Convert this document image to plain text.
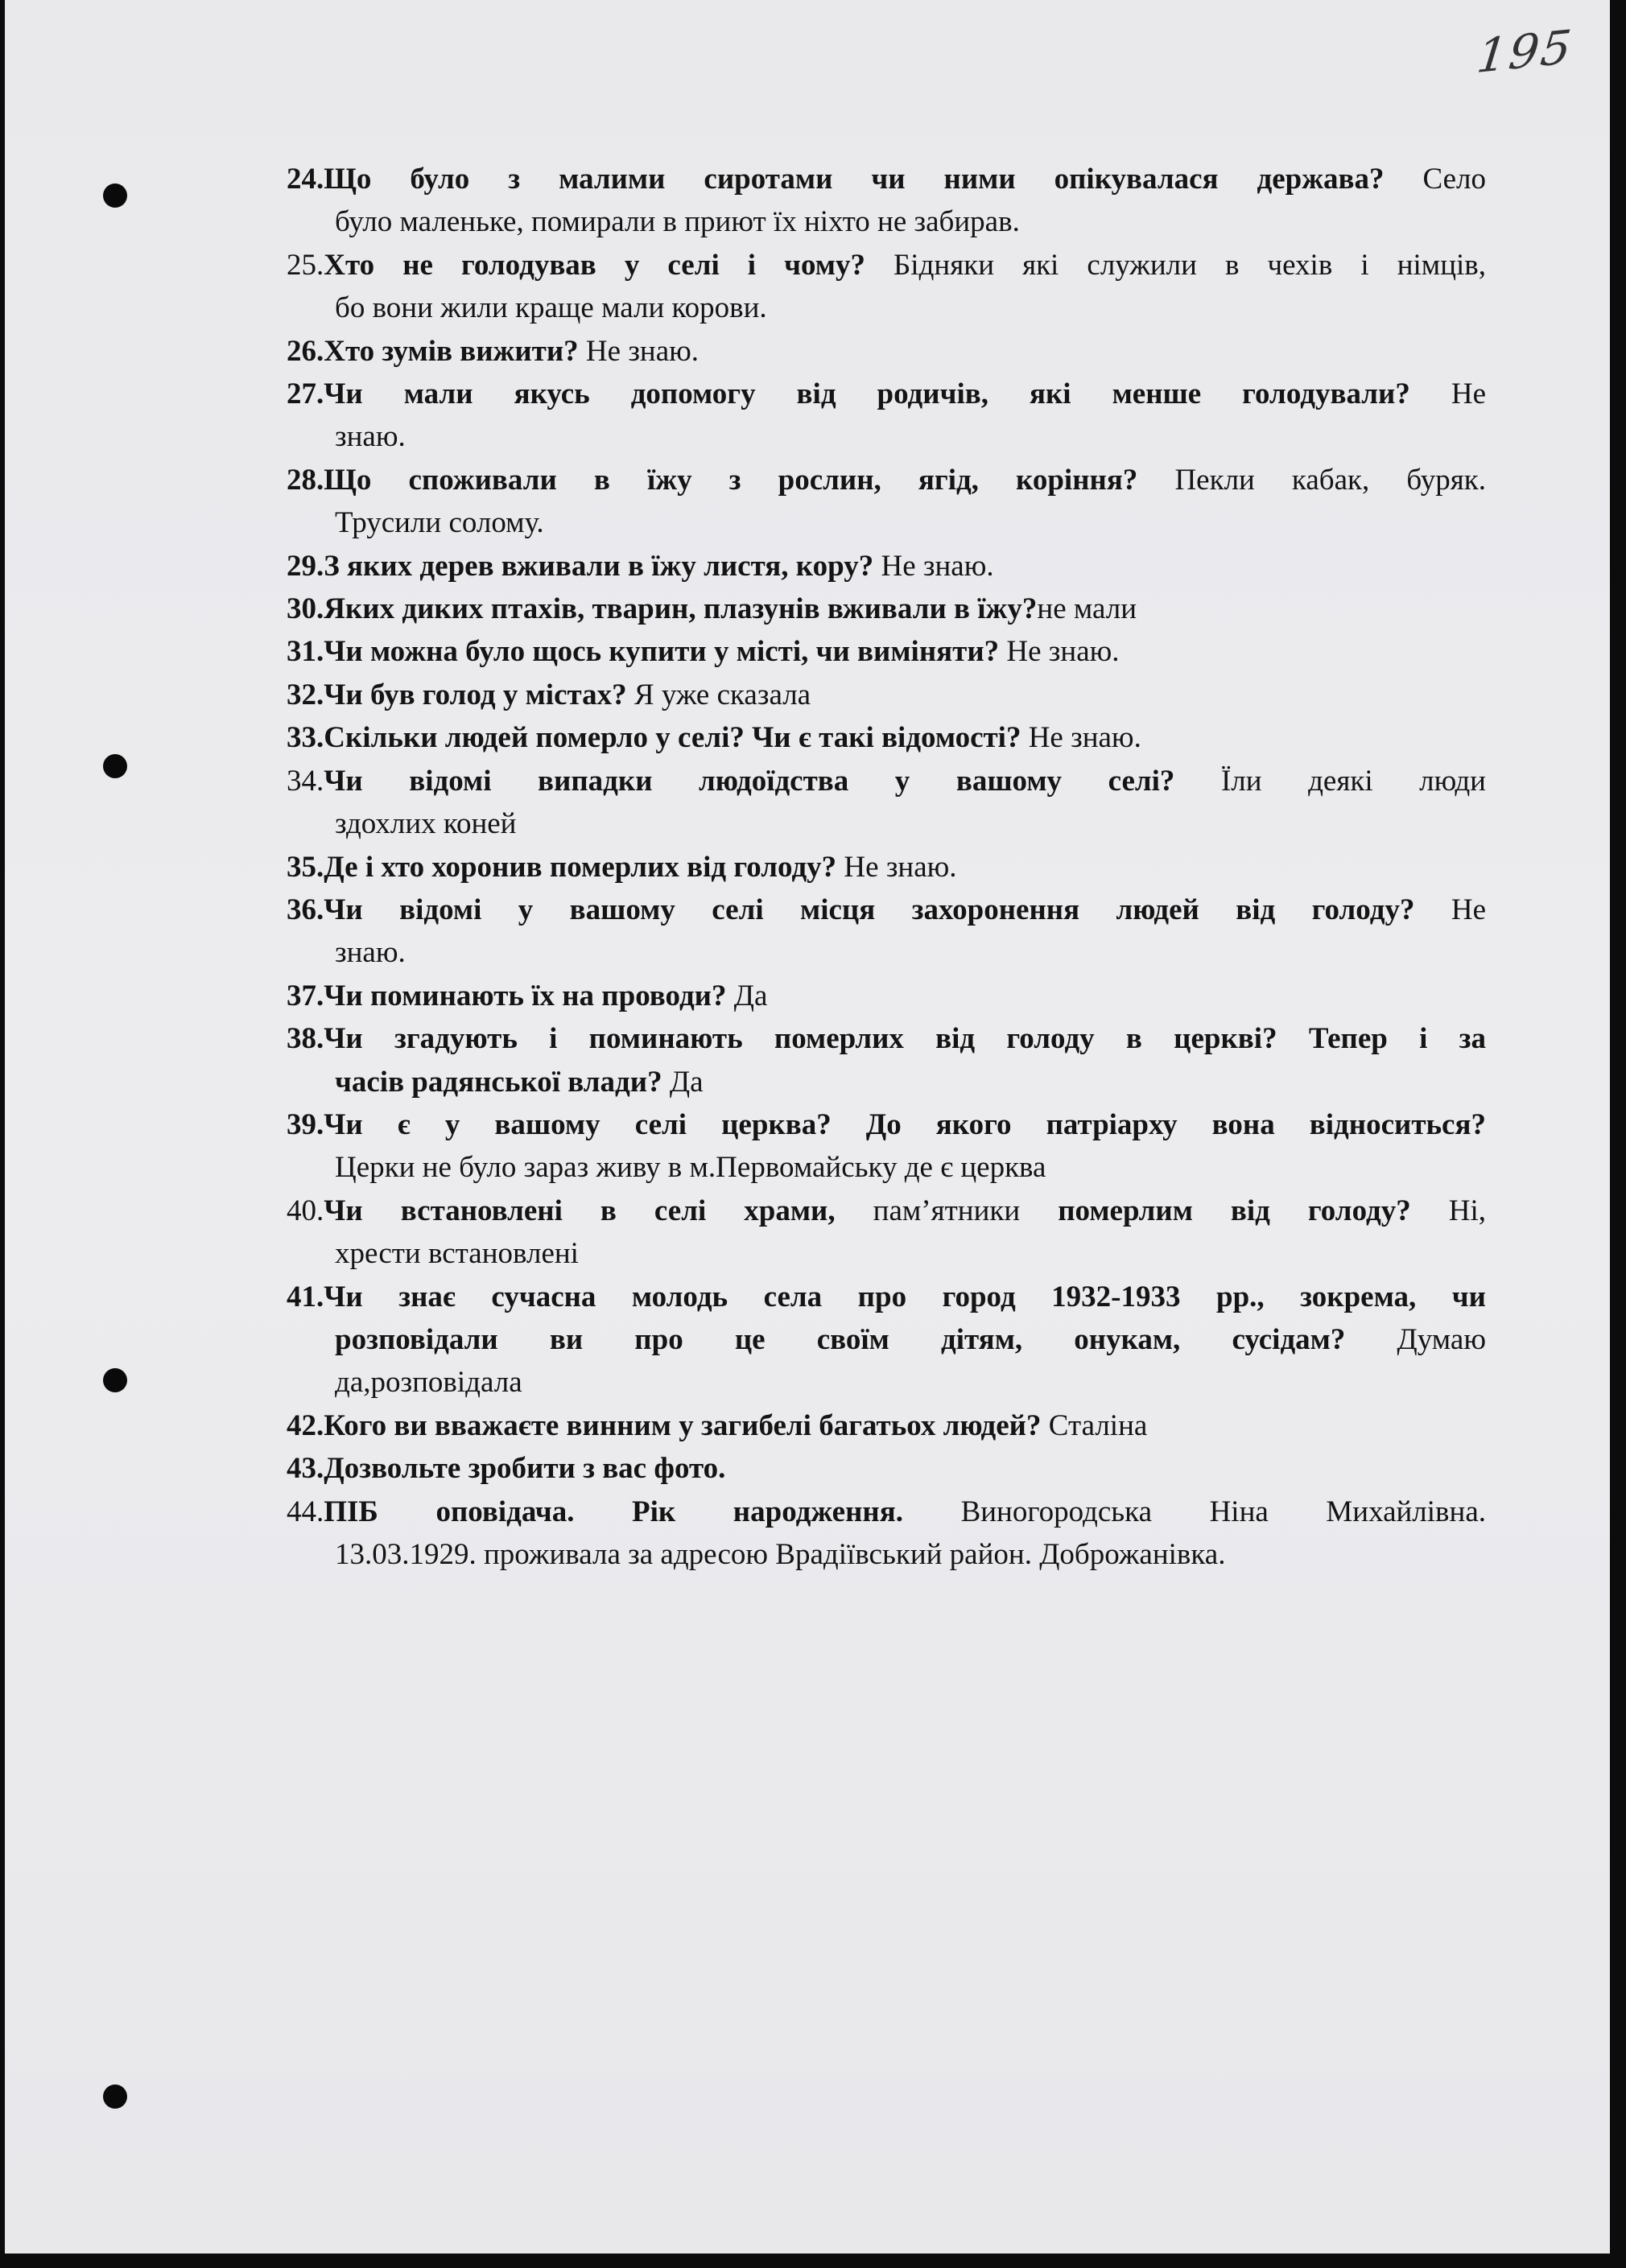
195
24.Що було з малими сиротами чи ними опікувалася держава? Село
було маленьке, помирали в приют їх ніхто не забирав.
25.Хто не голодував у селі і чому? Бідняки які служили в чехів і німців,
бо вони жили краще мали корови.
26.Хто зумів вижити? Не знаю.
27.Чи мали якусь допомогу від родичів, які менше голодували? Не
знаю.
28.Що споживали в їжу з рослин, ягід, коріння? Пекли кабак, буряк.
Трусили солому.
29.З яких дерев вживали в їжу листя, кору? Не знаю.
30.Яких диких птахів, тварин, плазунів вживали в їжу?не мали
31.Чи можна було щось купити у місті, чи виміняти? Не знаю.
32.Чи був голод у містах? Я уже сказала
33.Скільки людей померло у селі? Чи є такі відомості? Не знаю.
34.Чи відомі випадки людоїдства у вашому селі? Їли деякі люди
здохлих коней
35.Де і хто хоронив померлих від голоду? Не знаю.
36.Чи відомі у вашому селі місця захоронення людей від голоду? Не
знаю.
37.Чи поминають їх на проводи? Да
38.Чи згадують і поминають померлих від голоду в церкві? Тепер і за
часів радянської влади? Да
39.Чи є у вашому селі церква? До якого патріарху вона відноситься?
Церки не було зараз живу в м.Первомайську де є церква
40.Чи встановлені в селі храми, пам’ятники померлим від голоду? Ні,
хрести встановлені
41.Чи знає сучасна молодь села про город 1932-1933 рр., зокрема, чи
розповідали ви про це своїм дітям, онукам, сусідам? Думаю
да,розповідала
42.Кого ви вважаєте винним у загибелі багатьох людей? Сталіна
43.Дозвольте зробити з вас фото.
44.ПІБ оповідача. Рік народження. Виногородська Ніна Михайлівна.
13.03.1929. проживала за адресою Врадіївський район. Доброжанівка.
